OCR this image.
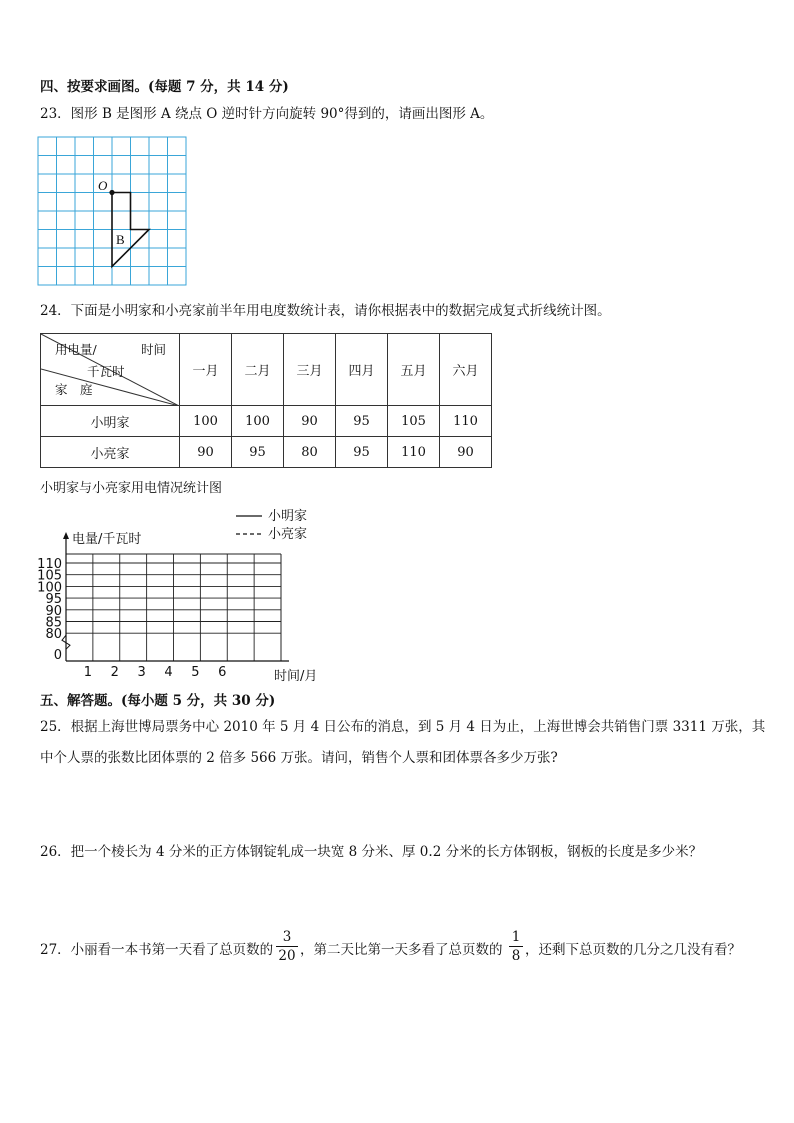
四、按要求画图。(每题 7 分，共 14 分)
23．图形 B 是图形 A 绕点 O 逆时针方向旋转 90°得到的，请画出图形 A。
O
B
24．下面是小明家和小亮家前半年用电度数统计表，请你根据表中的数据完成复式折线统计图。
用电量/ 时间
千瓦时
家　庭	一月	二月	三月	四月	五月	六月
小明家	100	100	90	95	105	110
小亮家	90	95	80	95	110	90
小明家与小亮家用电情况统计图
小明家
小亮家
0
80
85
90
95
100
105
110
1 2 3 4 5 6
电量/千瓦时
时间/月
五、解答题。(每小题 5 分，共 30 分)
25．根据上海世博局票务中心 2010 年 5 月 4 日公布的消息，到 5 月 4 日为止，上海世博会共销售门票 3311 万张，其
中个人票的张数比团体票的 2 倍多 566 万张。请问，销售个人票和团体票各多少万张?
26．把一个棱长为 4 分米的正方体钢锭轧成一块宽 8 分米、厚 0.2 分米的长方体钢板，钢板的长度是多少米？
27．小丽看一本书第一天看了总页数的
3
20 ，第二天比第一天多看了总页数的
1
8 ，还剩下总页数的几分之几没有看？
